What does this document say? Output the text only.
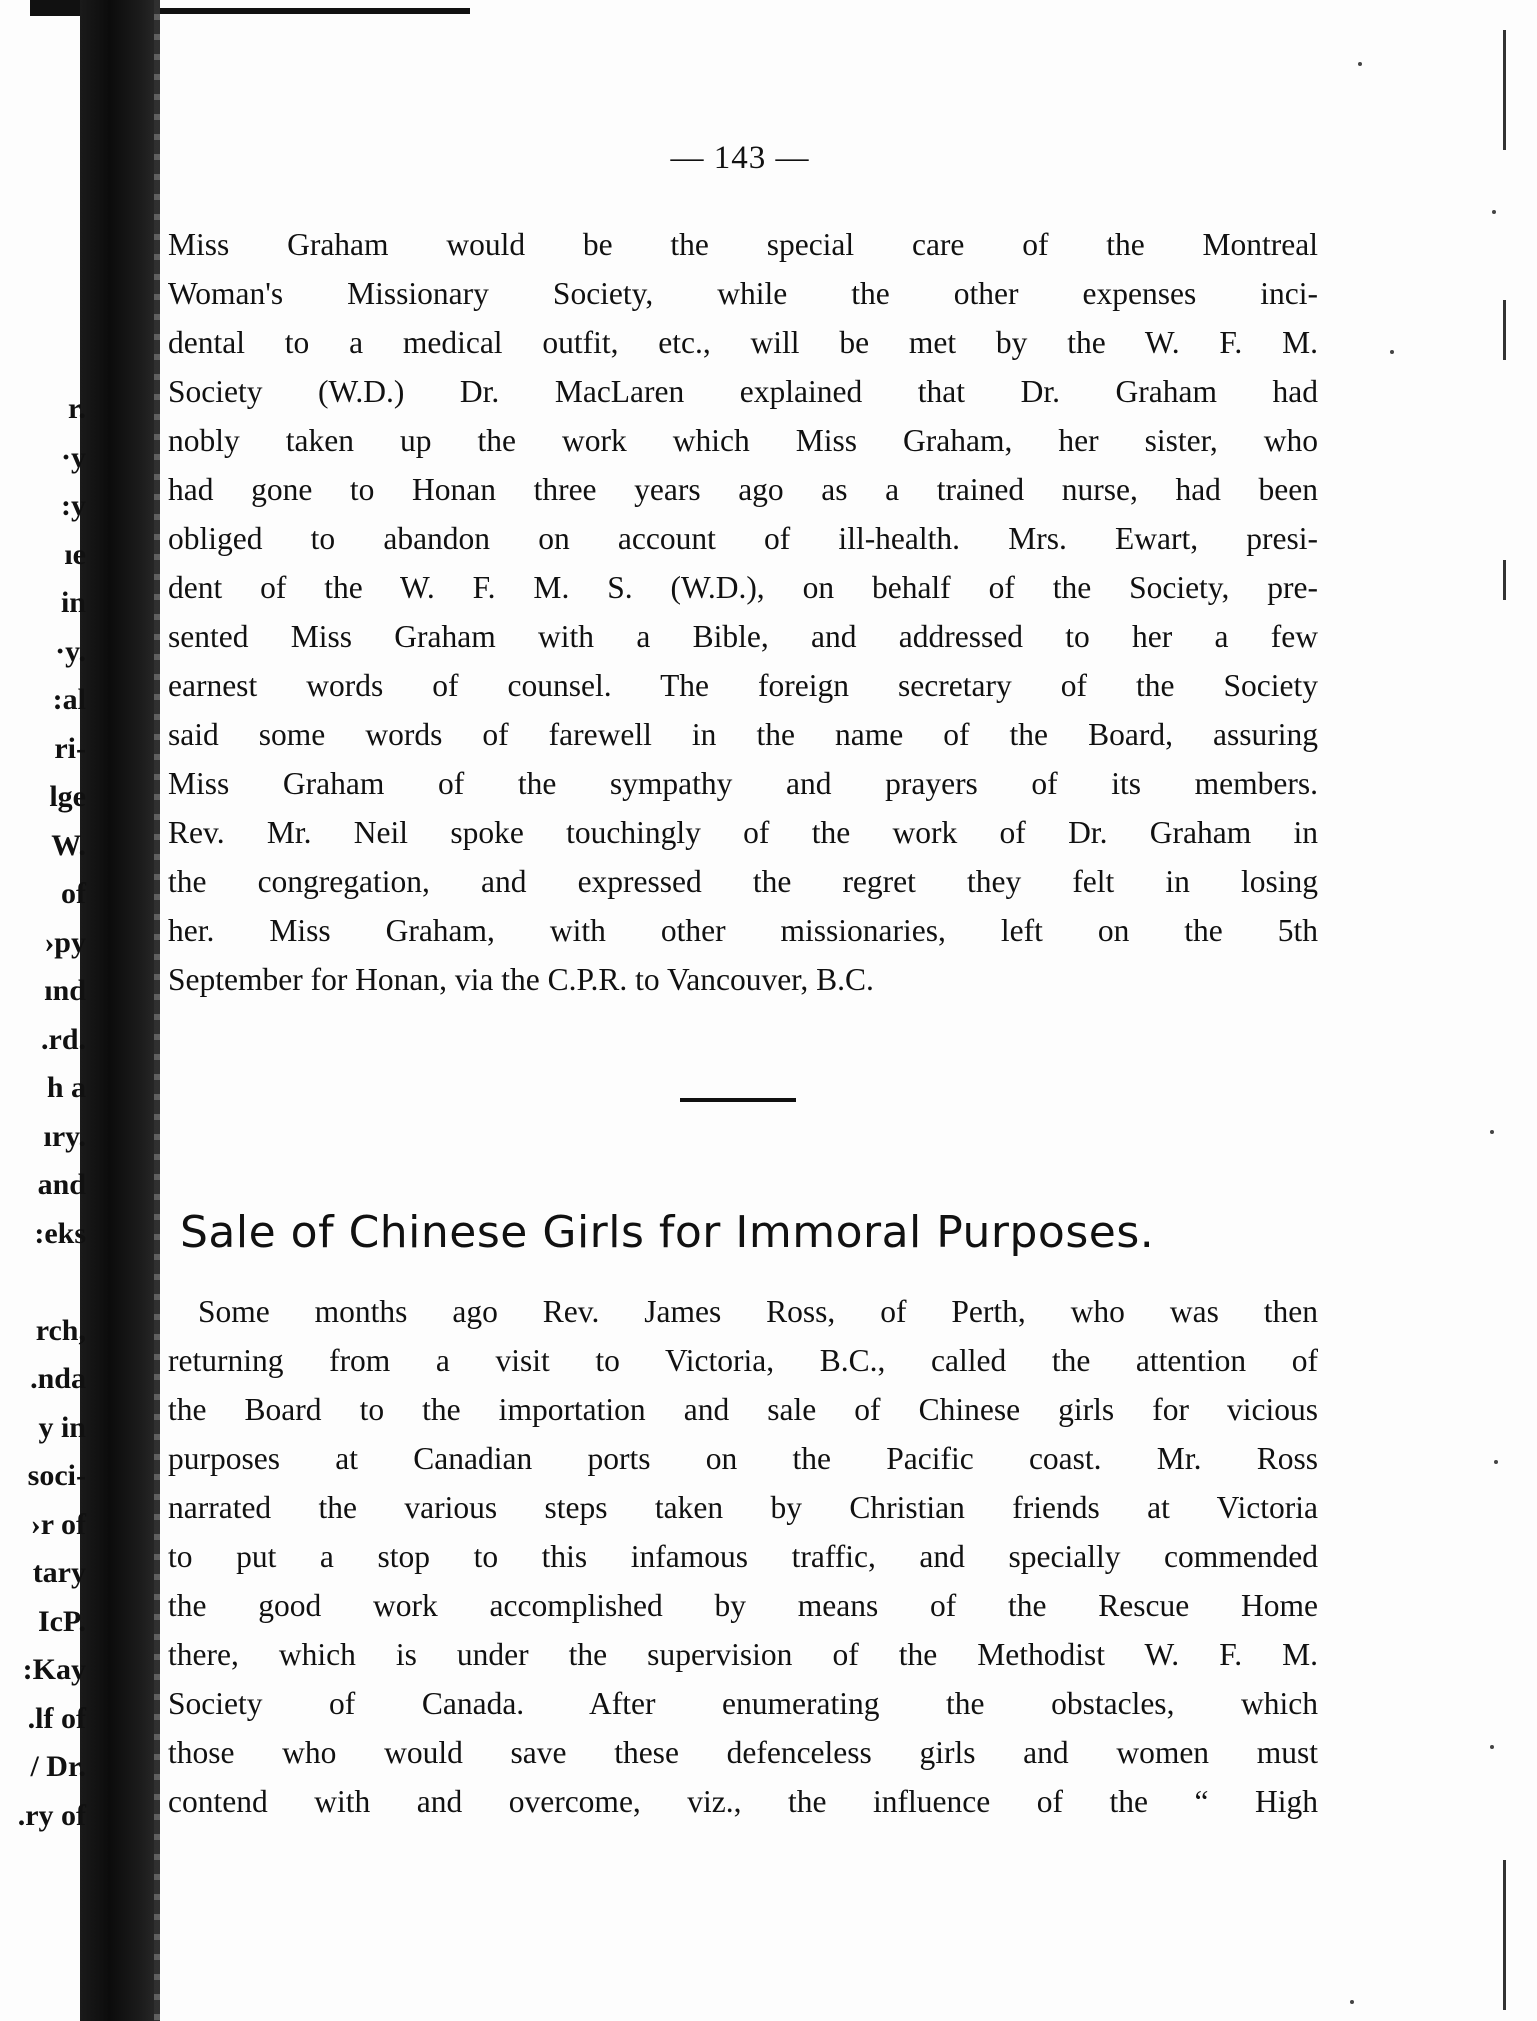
r.
·y
:y
ıe
in
·y.
:al
ri-
lge
W.
of
›py
ınd
.rd.
h a
ıry.
and
:eks
rch,
.nda
y in
soci-
›r of
tary
IcP.
:Kay
.lf of
/ Dr.
.ry of
— 143 —
Miss Graham would be the special care of the Montreal
Woman's Missionary Society, while the other expenses inci-
dental to a medical outfit, etc., will be met by the W. F. M.
Society (W.D.) Dr. MacLaren explained that Dr. Graham had
nobly taken up the work which Miss Graham, her sister, who
had gone to Honan three years ago as a trained nurse, had been
obliged to abandon on account of ill-health. Mrs. Ewart, presi-
dent of the W. F. M. S. (W.D.), on behalf of the Society, pre-
sented Miss Graham with a Bible, and addressed to her a few
earnest words of counsel. The foreign secretary of the Society
said some words of farewell in the name of the Board, assuring
Miss Graham of the sympathy and prayers of its members.
Rev. Mr. Neil spoke touchingly of the work of Dr. Graham in
the congregation, and expressed the regret they felt in losing
her. Miss Graham, with other missionaries, left on the 5th
September for Honan, via the C.P.R. to Vancouver, B.C.
Sale of Chinese Girls for Immoral Purposes.
Some months ago Rev. James Ross, of Perth, who was then
returning from a visit to Victoria, B.C., called the attention of
the Board to the importation and sale of Chinese girls for vicious
purposes at Canadian ports on the Pacific coast. Mr. Ross
narrated the various steps taken by Christian friends at Victoria
to put a stop to this infamous traffic, and specially commended
the good work accomplished by means of the Rescue Home
there, which is under the supervision of the Methodist W. F. M.
Society of Canada. After enumerating the obstacles, which
those who would save these defenceless girls and women must
contend with and overcome, viz., the influence of the “ High
